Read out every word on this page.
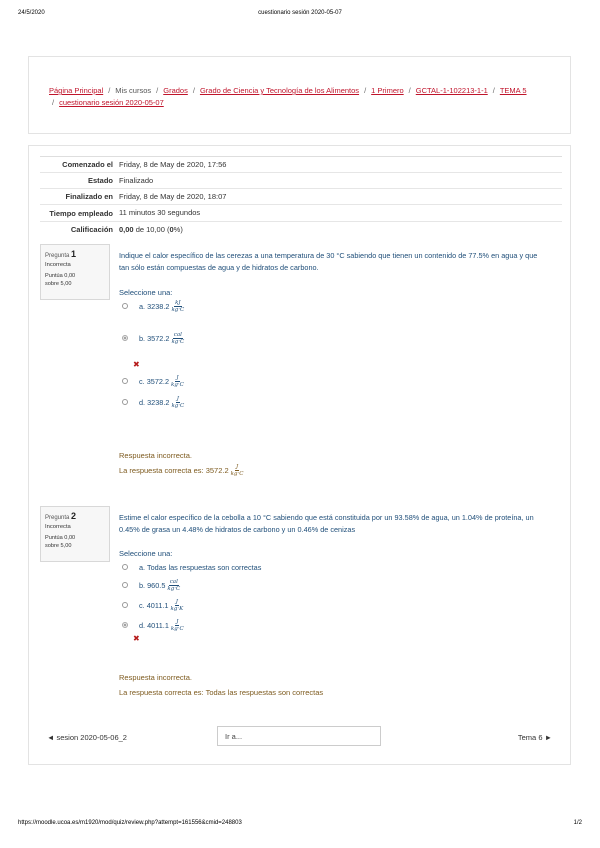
24/5/2020	cuestionario sesión 2020-05-07
Página Principal / Mis cursos / Grados / Grado de Ciencia y Tecnología de los Alimentos / 1 Primero / GCTAL-1-102213-1-1 / TEMA 5
/ cuestionario sesión 2020-05-07
Comenzado el Friday, 8 de May de 2020, 17:56
Estado Finalizado
Finalizado en Friday, 8 de May de 2020, 18:07
Tiempo empleado 11 minutos 30 segundos
Calificación 0,00 de 10,00 (0%)
Pregunta 1
Incorrecta
Puntúa 0,00
sobre 5,00
Indique el calor específico de las cerezas a una temperatura de 30 °C sabiendo que tienen un contenido de 77.5% en agua y que tan sólo están compuestas de agua y de hidratos de carbono.
Seleccione una:
a. $3238.2 \frac{kJ}{kg\cdot C}$
b. $3572.2 \frac{\text{cal}}{kg\cdot C}$
✖
c. $3572.2 \frac{J}{kg\cdot C}$
d. $3238.2 \frac{J}{kg\cdot C}$
Respuesta incorrecta.
La respuesta correcta es: $3572.2 \frac{J}{kg\cdot C}$
Pregunta 2
Incorrecta
Puntúa 0,00
sobre 5,00
Estime el calor específico de la cebolla a 10 °C sabiendo que está constituida por un 93.58% de agua, un 1.04% de proteína, un 0.45% de grasa un 4.48% de hidratos de carbono y un 0.46% de cenizas
Seleccione una:
a. Todas las respuestas son correctas
b. $960.5 \frac{\text{cal}}{kg\cdot C}$
c. $4011.1 \frac{J}{kg\cdot K}$
d. $4011.1 \frac{J}{kg\cdot C}$
✖
Respuesta incorrecta.
La respuesta correcta es: Todas las respuestas son correctas
◄ sesion 2020-05-06_2	Ir a...	Tema 6 ►
https://moodle.ucoa.es/m1920/mod/quiz/review.php?attempt=161556&cmid=248803	1/2
